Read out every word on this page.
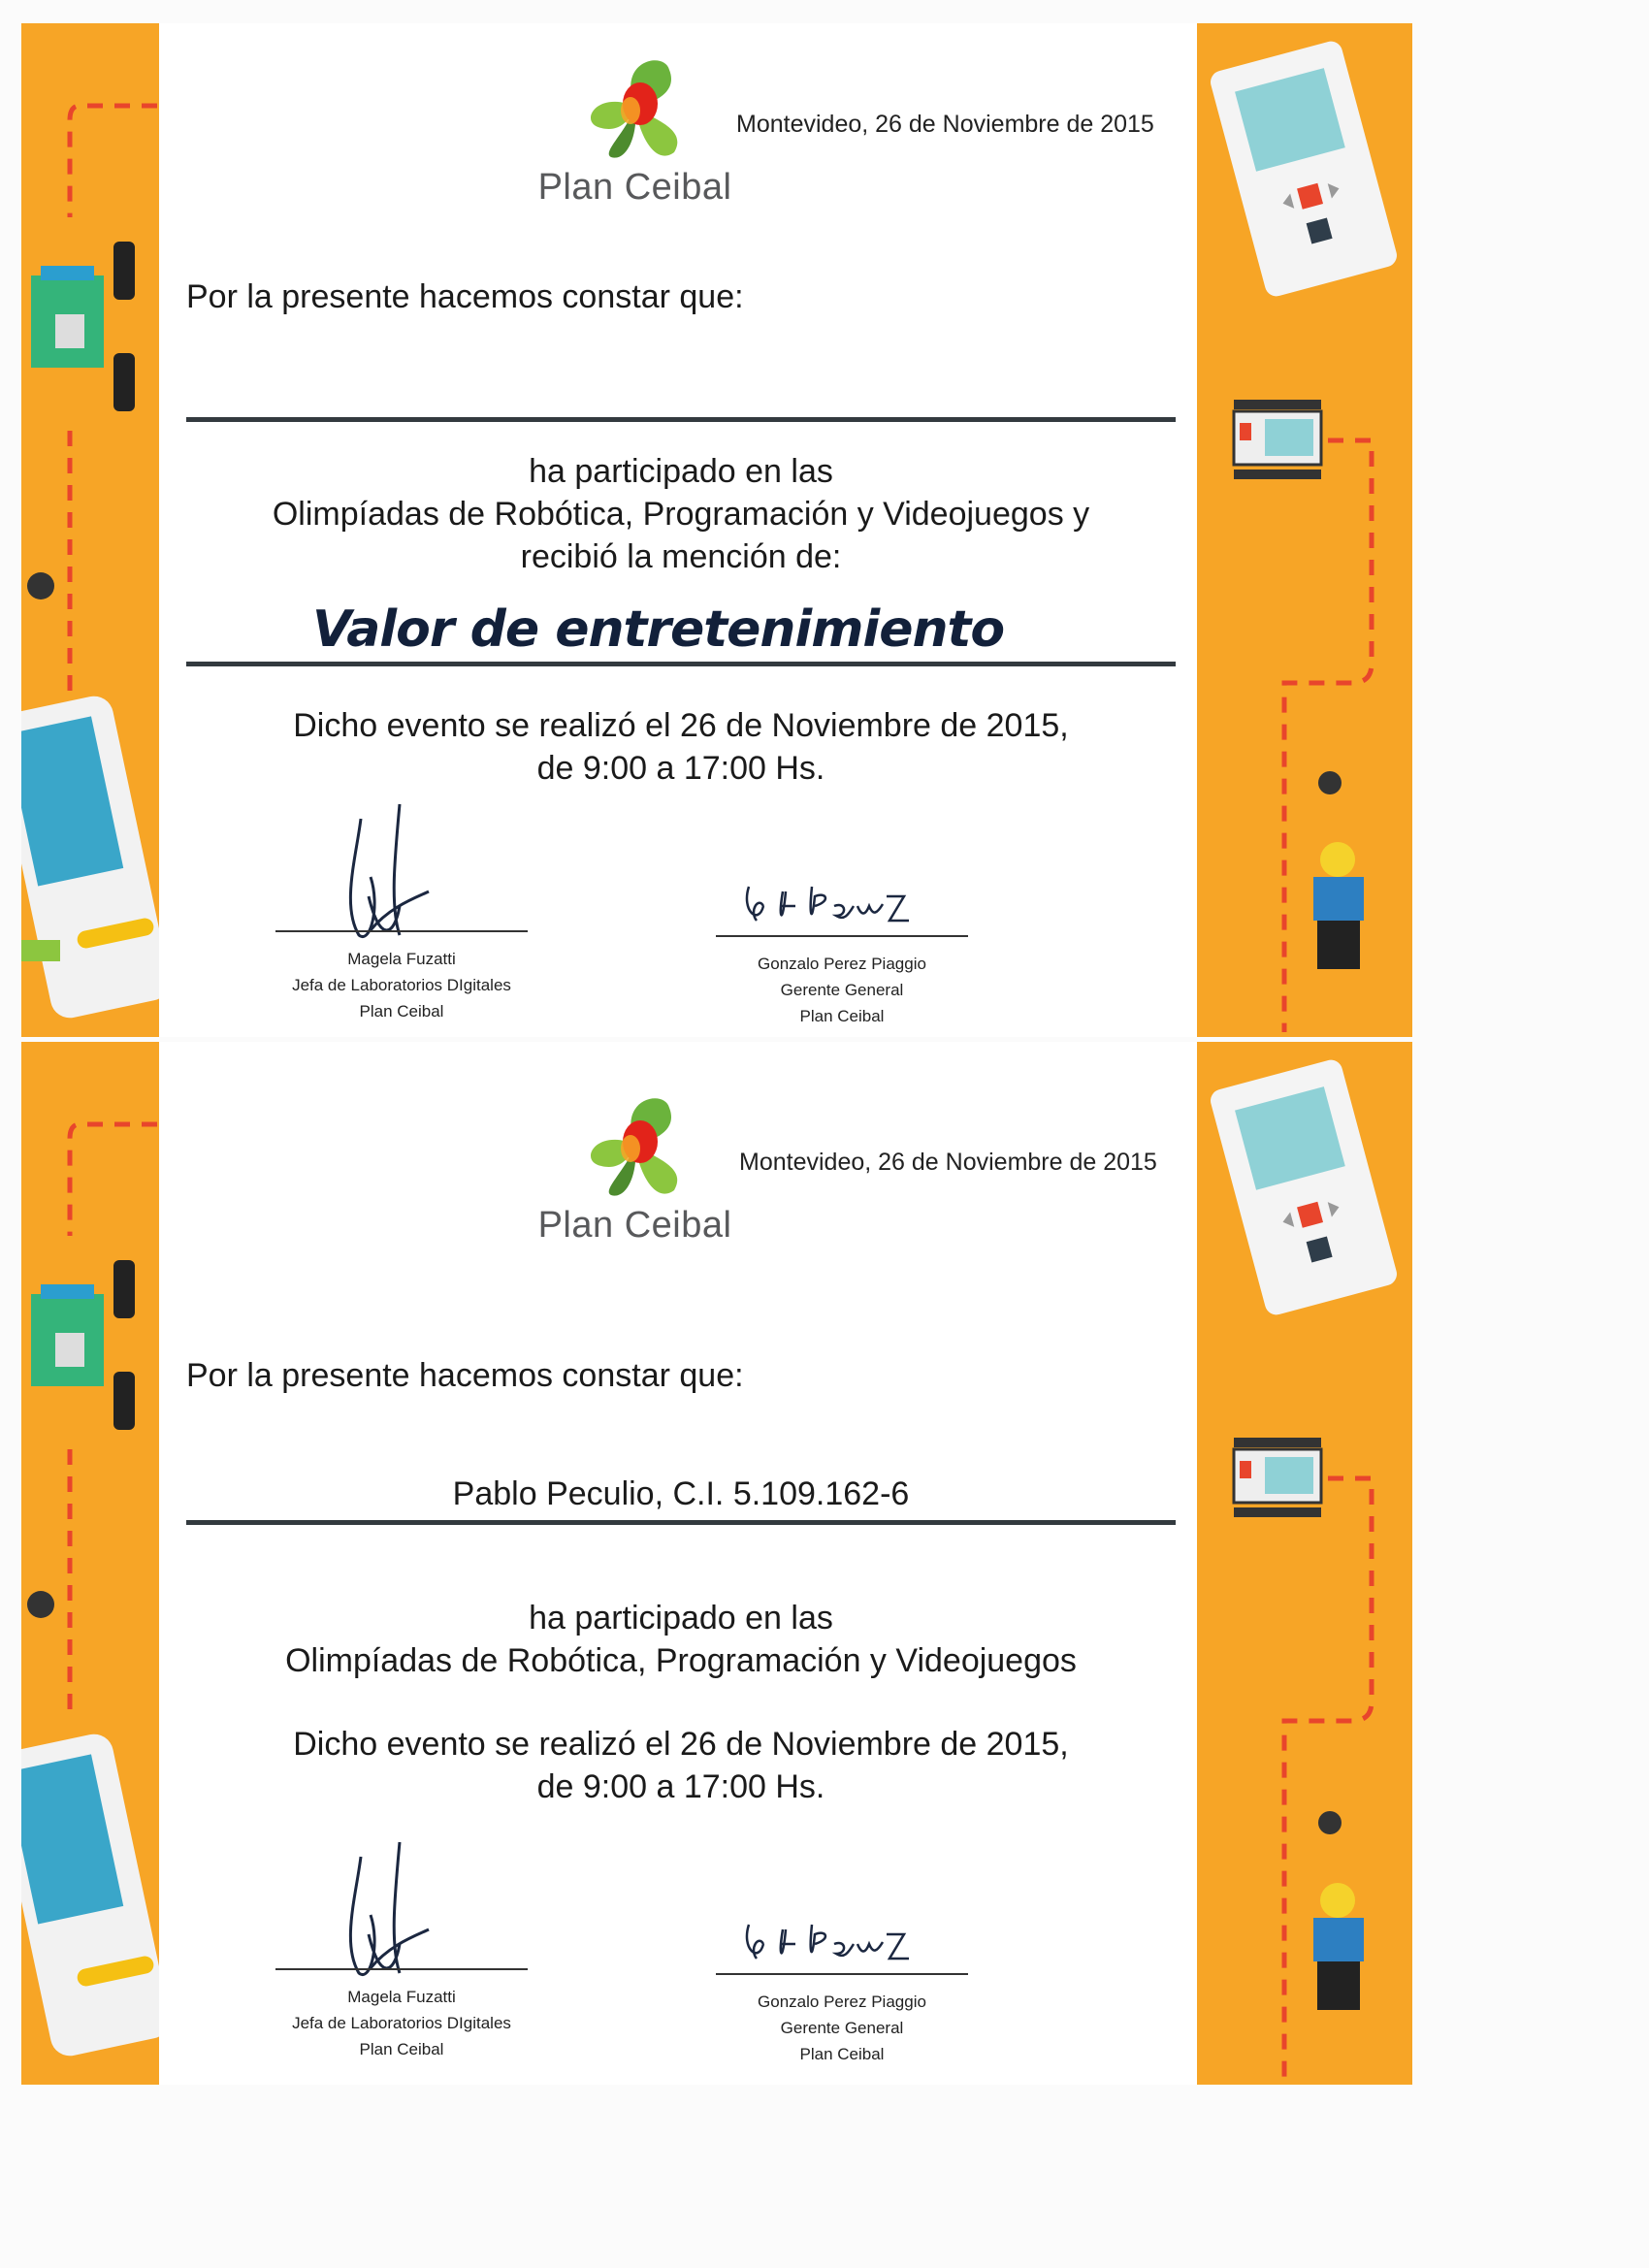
Plan Ceibal
Montevideo, 26 de Noviembre de 2015
Por la presente hacemos constar que:
ha participado en las
Olimpíadas de Robótica, Programación y Videojuegos y
recibió la mención de:
Valor de entretenimiento
Dicho evento se realizó el 26 de Noviembre de 2015,
de 9:00 a 17:00 Hs.
Magela Fuzatti
Jefa de Laboratorios DIgitales
Plan Ceibal
Gonzalo Perez Piaggio
Gerente General
Plan Ceibal
Plan Ceibal
Montevideo, 26 de Noviembre de 2015
Por la presente hacemos constar que:
Pablo Peculio, C.I. 5.109.162-6
ha participado en las
Olimpíadas de Robótica, Programación y Videojuegos
Dicho evento se realizó el 26 de Noviembre de 2015,
de 9:00 a 17:00 Hs.
Magela Fuzatti
Jefa de Laboratorios DIgitales
Plan Ceibal
Gonzalo Perez Piaggio
Gerente General
Plan Ceibal
